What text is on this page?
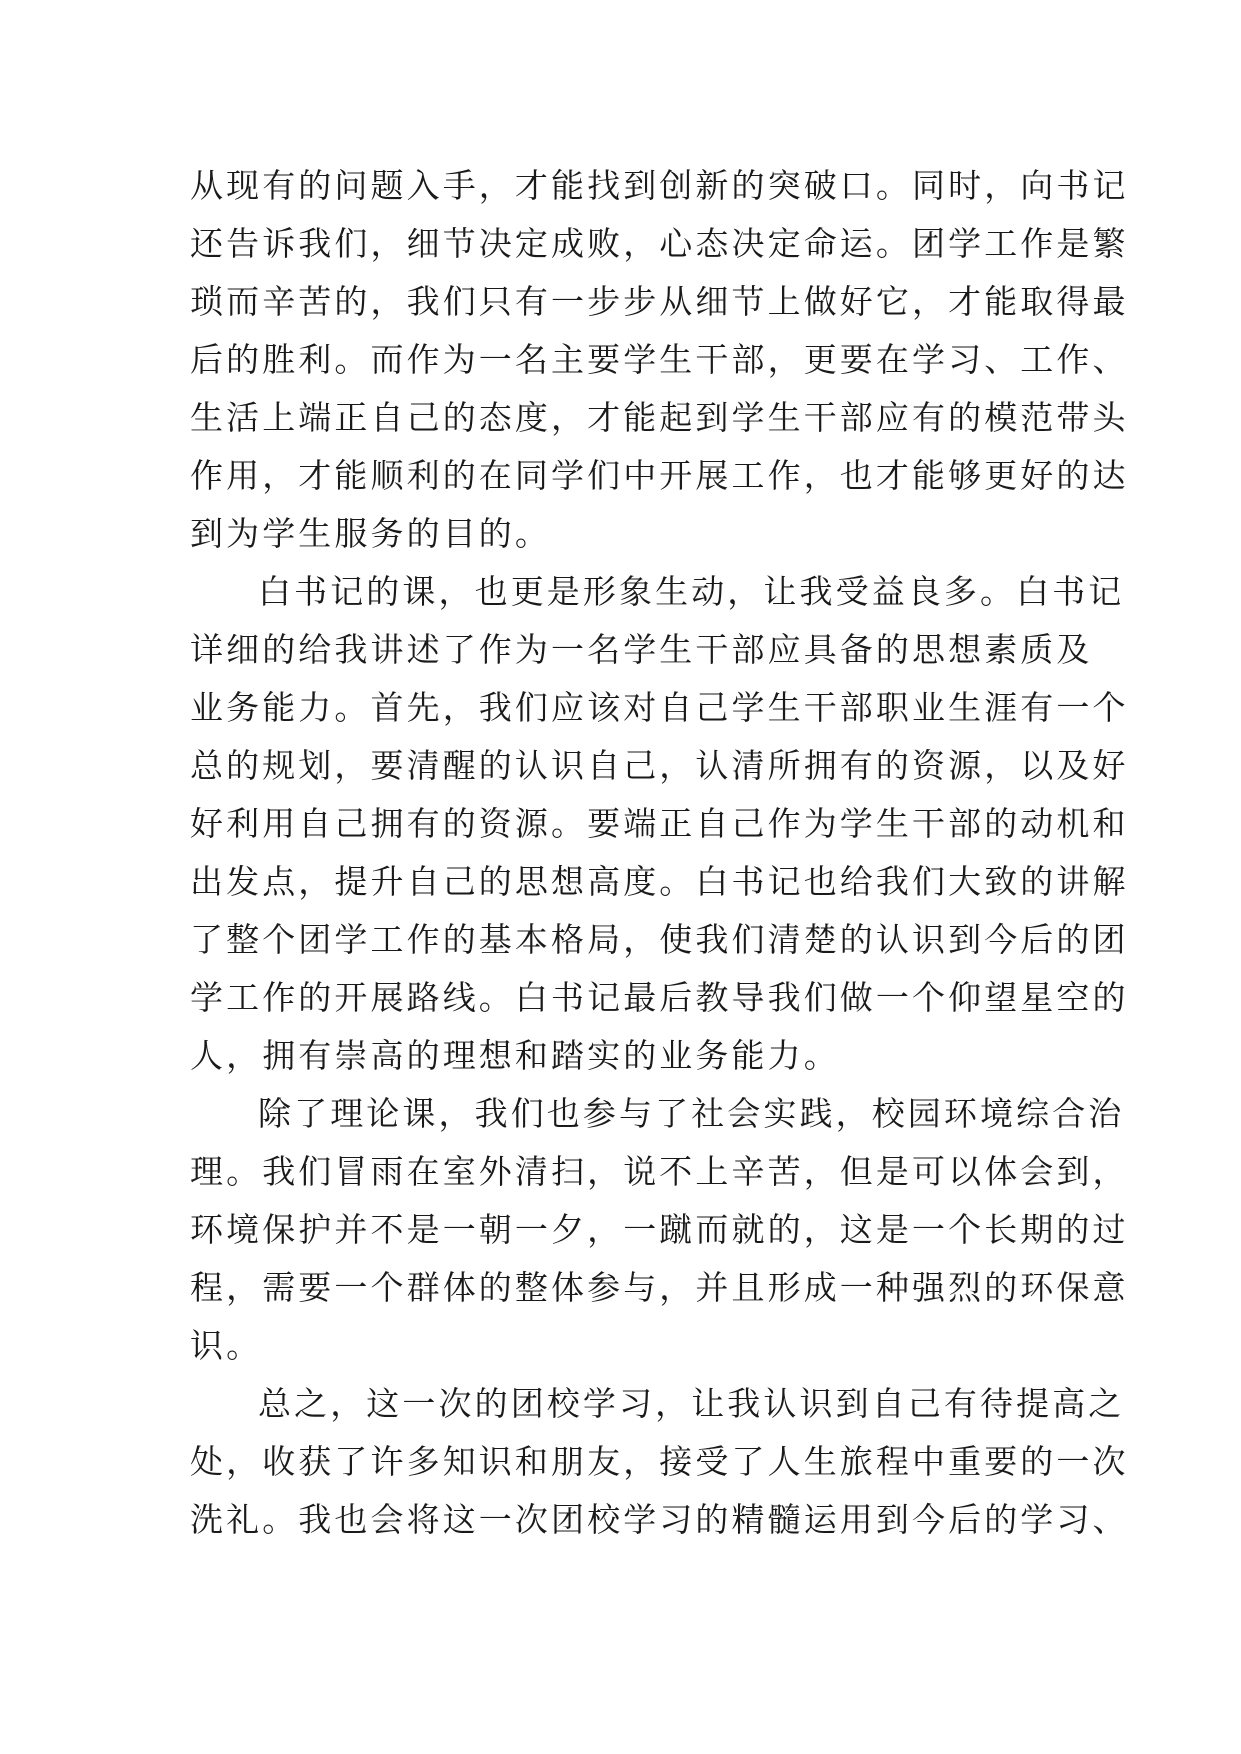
从现有的问题入手，才能找到创新的突破口。同时，向书记
还告诉我们，细节决定成败，心态决定命运。团学工作是繁
琐而辛苦的，我们只有一步步从细节上做好它，才能取得最
后的胜利。而作为一名主要学生干部，更要在学习、工作、
生活上端正自己的态度，才能起到学生干部应有的模范带头
作用，才能顺利的在同学们中开展工作，也才能够更好的达
到为学生服务的目的。
白书记的课，也更是形象生动，让我受益良多。白书记
详细的给我讲述了作为一名学生干部应具备的思想素质及
业务能力。首先，我们应该对自己学生干部职业生涯有一个
总的规划，要清醒的认识自己，认清所拥有的资源，以及好
好利用自己拥有的资源。要端正自己作为学生干部的动机和
出发点，提升自己的思想高度。白书记也给我们大致的讲解
了整个团学工作的基本格局，使我们清楚的认识到今后的团
学工作的开展路线。白书记最后教导我们做一个仰望星空的
人，拥有崇高的理想和踏实的业务能力。
除了理论课，我们也参与了社会实践，校园环境综合治
理。我们冒雨在室外清扫，说不上辛苦，但是可以体会到，
环境保护并不是一朝一夕，一蹴而就的，这是一个长期的过
程，需要一个群体的整体参与，并且形成一种强烈的环保意
识。
总之，这一次的团校学习，让我认识到自己有待提高之
处，收获了许多知识和朋友，接受了人生旅程中重要的一次
洗礼。我也会将这一次团校学习的精髓运用到今后的学习、
